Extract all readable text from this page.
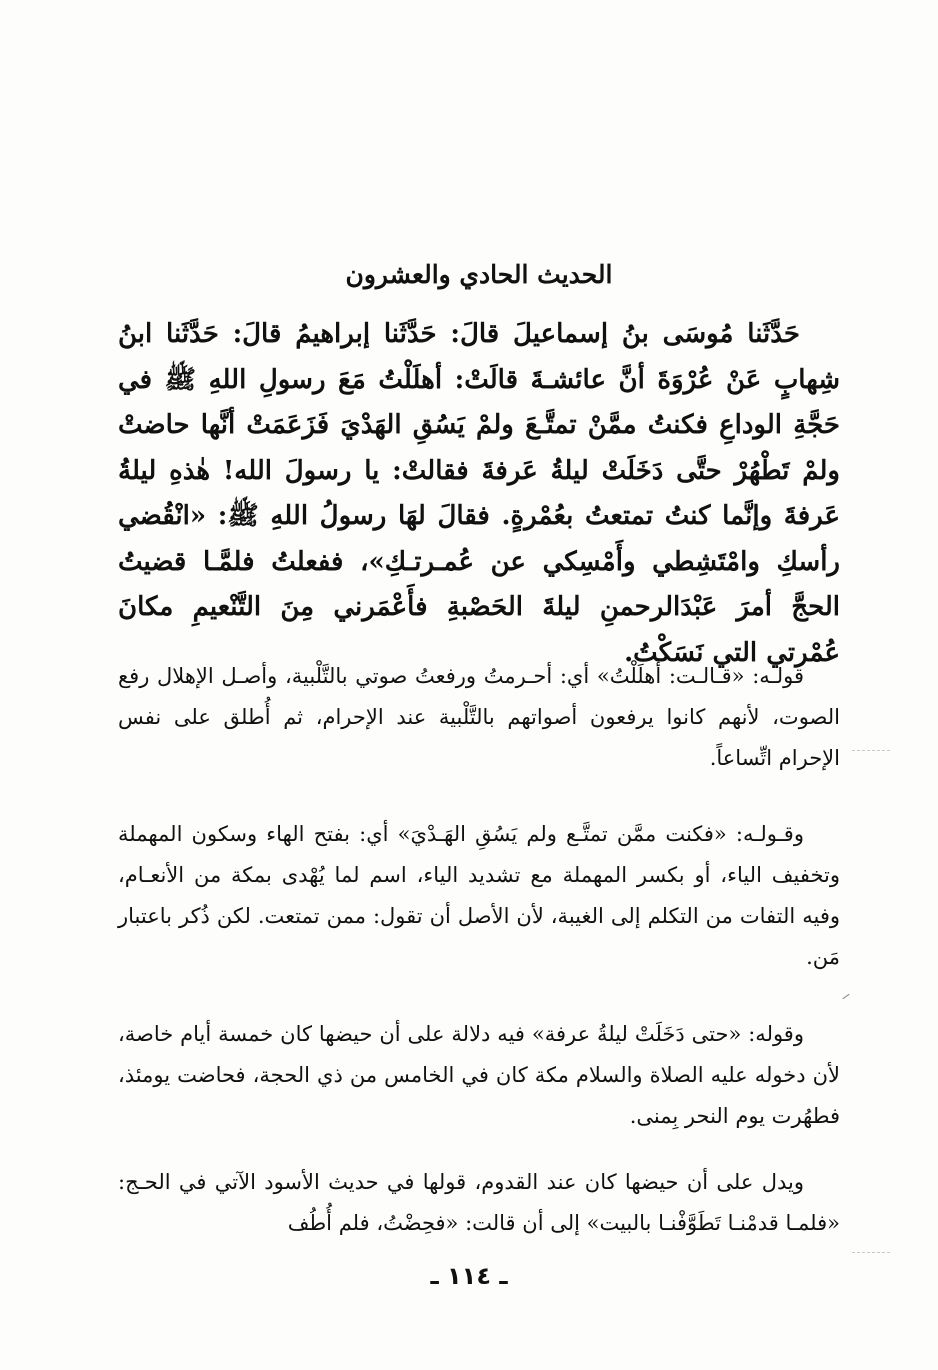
الحديث الحادي والعشرون
حَدَّثَنا مُوسَى بنُ إسماعيلَ قالَ: حَدَّثَنا إبراهيمُ قالَ: حَدَّثَنا ابنُ شِهابٍ عَنْ عُرْوَةَ أنَّ عائشـةَ قالَتْ: أهلَلْتُ مَعَ رسولِ اللهِ ﷺ في حَجَّةِ الوداعِ فكنتُ ممَّنْ تمتَّـعَ ولمْ يَسُقِ الهَدْيَ فَزَعَمَتْ أنَّها حاضتْ ولمْ تَطْهُرْ حتَّى دَخَلَتْ ليلةُ عَرفةَ فقالتْ: يا رسولَ الله! هٰذهِ ليلةُ عَرفةَ وإنَّما كنتُ تمتعتُ بعُمْرةٍ. فقالَ لهَا رسولُ اللهِ ﷺ: «انْقُضي رأسكِ وامْتَشِطي وأَمْسِكي عن عُمـرتـكِ»، ففعلتُ فلمَّـا قضيتُ الحجَّ أمرَ عَبْدَالرحمنِ ليلةَ الحَصْبةِ فأَعْمَرني مِنَ التَّنْعيمِ مكانَ عُمْرتي التي نَسَكْتُ.
قولـه: «قـالـت: أهلَلْتُ» أي: أحـرمتُ ورفعتُ صوتي بالتَّلْبية، وأصـل الإهلال رفع الصوت، لأنهم كانوا يرفعون أصواتهم بالتَّلْبية عند الإحرام، ثم أُطلق على نفس الإحرام اتِّساعاً.
وقـولـه: «فكنت ممَّن تمتَّـع ولم يَسُقِ الهَـدْيَ» أي: بفتح الهاء وسكون المهملة وتخفيف الياء، أو بكسر المهملة مع تشديد الياء، اسم لما يُهْدى بمكة من الأنعـام، وفيه التفات من التكلم إلى الغيبة، لأن الأصل أن تقول: ممن تمتعت. لكن ذُكر باعتبار مَن.
وقوله: «حتى دَخَلَتْ ليلةُ عرفة» فيه دلالة على أن حيضها كان خمسة أيام خاصة، لأن دخوله عليه الصلاة والسلام مكة كان في الخامس من ذي الحجة، فحاضت يومئذ، فطهُرت يوم النحر بِمنى.
ويدل على أن حيضها كان عند القدوم، قولها في حديث الأسود الآتي في الحـج: «فلمـا قدمْنـا تَطَوَّفْنـا بالبيت» إلى أن قالت: «فحِضْتُ، فلم أُطُف
ـ ١١٤ ـ
